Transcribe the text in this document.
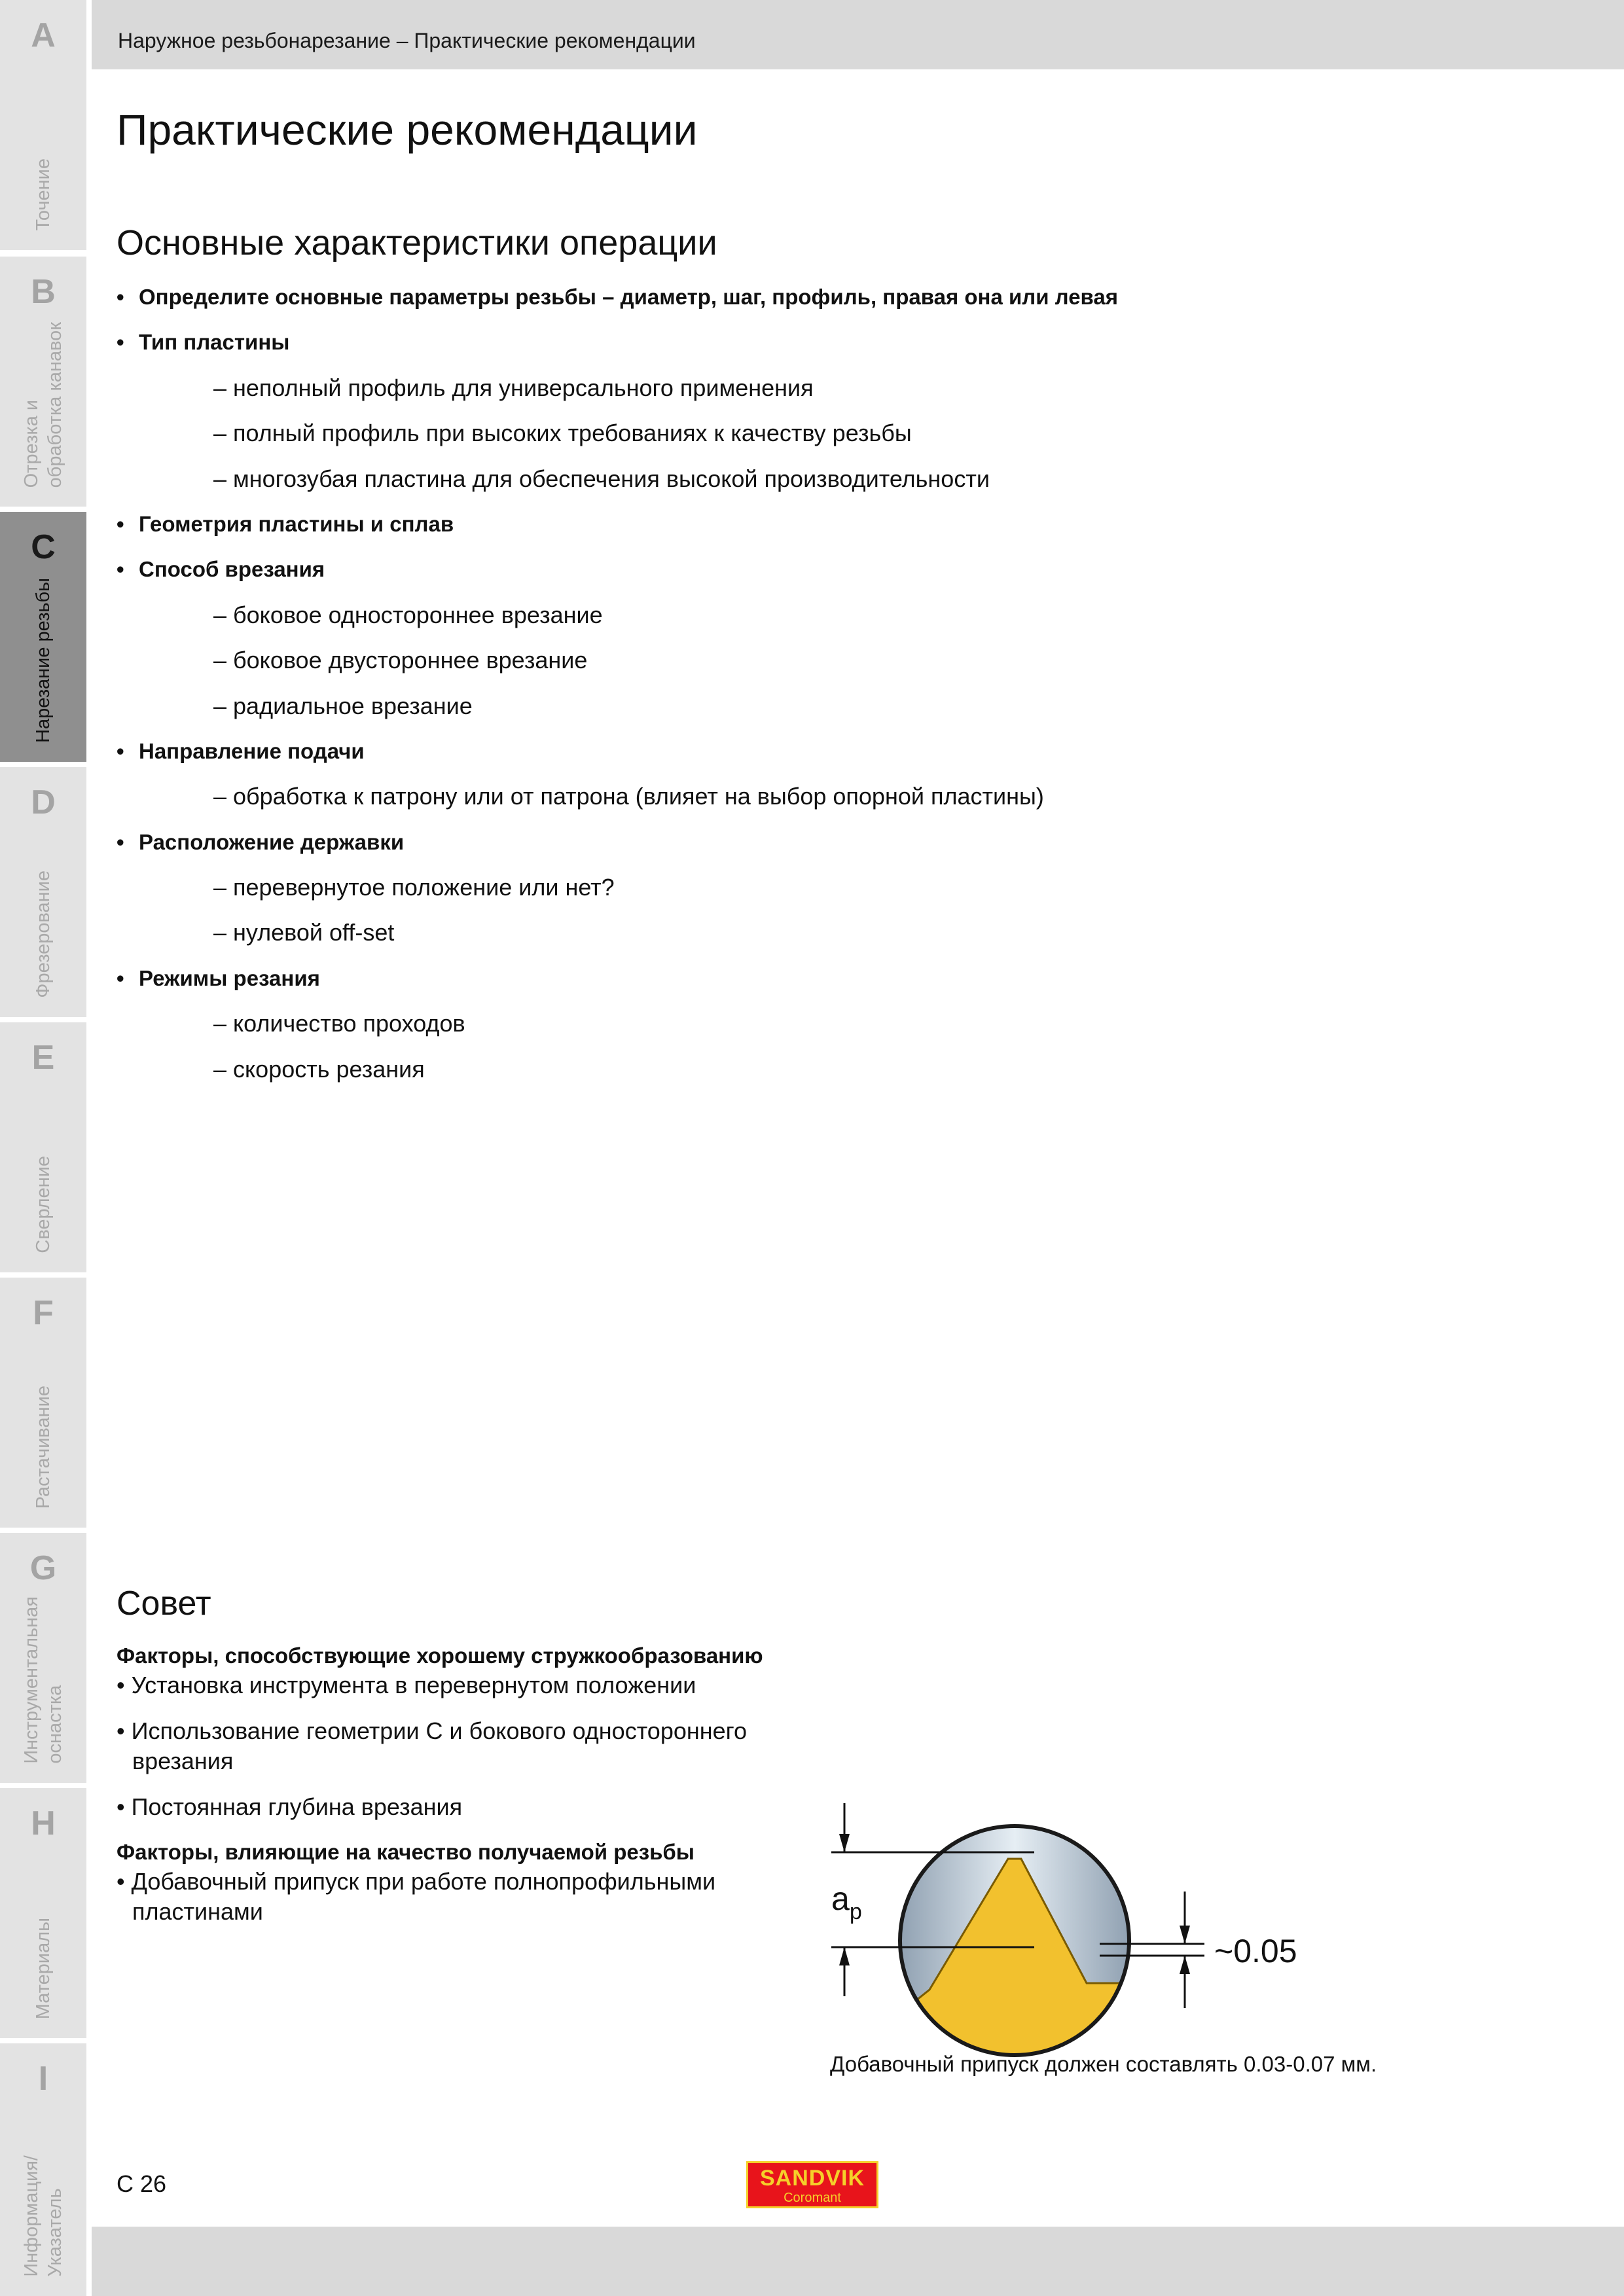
A
Точение
B
Отрезка и
обработка канавок
C
Нарезание резьбы
D
Фрезерование
E
Сверление
F
Растачивание
G
Инструментальная
оснастка
H
Материалы
I
Информация/
Указатель
Наружное резьбонарезание – Практические рекомендации
Практические рекомендации
Основные характеристики операции
• Определите основные параметры резьбы – диаметр, шаг, профиль, правая она или левая
• Тип пластины
– неполный профиль для универсального применения
– полный профиль при высоких требованиях к качеству резьбы
– многозубая пластина для обеспечения высокой производительности
• Геометрия пластины и сплав
• Способ врезания
– боковое одностороннее врезание
– боковое двустороннее врезание
– радиальное врезание
• Направление подачи
– обработка к патрону или от патрона (влияет на выбор опорной пластины)
• Расположение державки
– перевернутое положение или нет?
– нулевой off-set
• Режимы резания
– количество проходов
– скорость резания
Совет
Факторы, способствующие хорошему стружкообразованию
• Установка инструмента в перевернутом положении
• Использование геометрии С и бокового одностороннего врезания
• Постоянная глубина врезания
Факторы, влияющие на качество получаемой резьбы
• Добавочный припуск при работе полнопрофильными пластинами	$a_p$
~0.05
Добавочный припуск должен составлять 0.03-0.07 мм.
C 26	SANDVIK
Coromant
